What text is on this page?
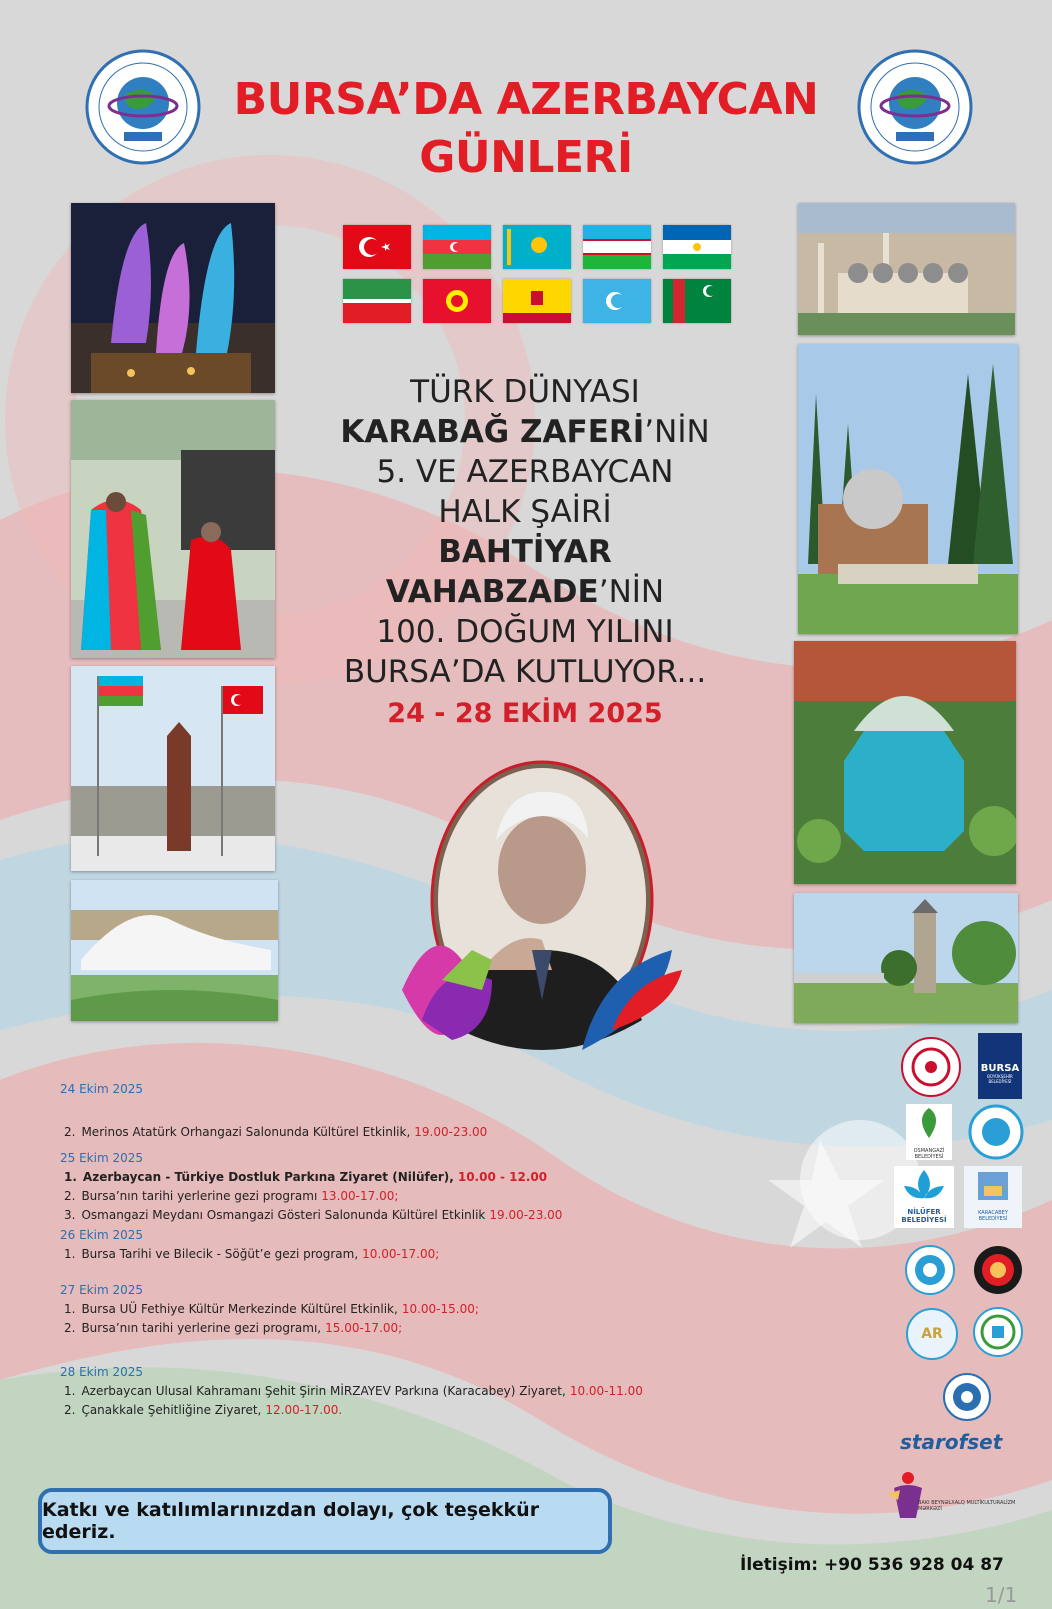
BURSA’DA AZERBAYCAN
GÜNLERİ
TÜRK DÜNYASI
KARABAĞ ZAFERİ’NİN
5. VE AZERBAYCAN
HALK ŞAİRİ
BAHTİYAR
VAHABZADE’NİN
100. DOĞUM YILINI
BURSA’DA KUTLUYOR...
24 - 28 EKİM 2025
24 Ekim 2025
2. Merinos Atatürk Orhangazi Salonunda Kültürel Etkinlik, 19.00-23.00
25 Ekim 2025
1. Azerbaycan - Türkiye Dostluk Parkına Ziyaret (Nilüfer), 10.00 - 12.00
2. Bursa’nın tarihi yerlerine gezi programı 13.00-17.00;
3. Osmangazi Meydanı Osmangazi Gösteri Salonunda Kültürel Etkinlik 19.00-23.00
26 Ekim 2025
1. Bursa Tarihi ve Bilecik - Söğüt’e gezi program, 10.00-17.00;
27 Ekim 2025
1. Bursa UÜ Fethiye Kültür Merkezinde Kültürel Etkinlik, 10.00-15.00;
2. Bursa’nın tarihi yerlerine gezi programı, 15.00-17.00;
28 Ekim 2025
1. Azerbaycan Ulusal Kahramanı Şehit Şirin MİRZAYEV Parkına (Karacabey) Ziyaret, 10.00-11.00
2. Çanakkale Şehitliğine Ziyaret, 12.00-17.00.
BURSA
BÜYÜKŞEHİR BELEDİYESİ
OSMANGAZİ BELEDİYESİ
NİLÜFER BELEDİYESİ
KARACABEY BELEDİYESİ
AR
starofset
BAKI BEYNƏLXALQ MULTİKULTURALİZM MƏRKƏZİ
Katkı ve katılımlarınızdan dolayı, çok teşekkür ederiz.
İletişim: +90 536 928 04 87
1/1
